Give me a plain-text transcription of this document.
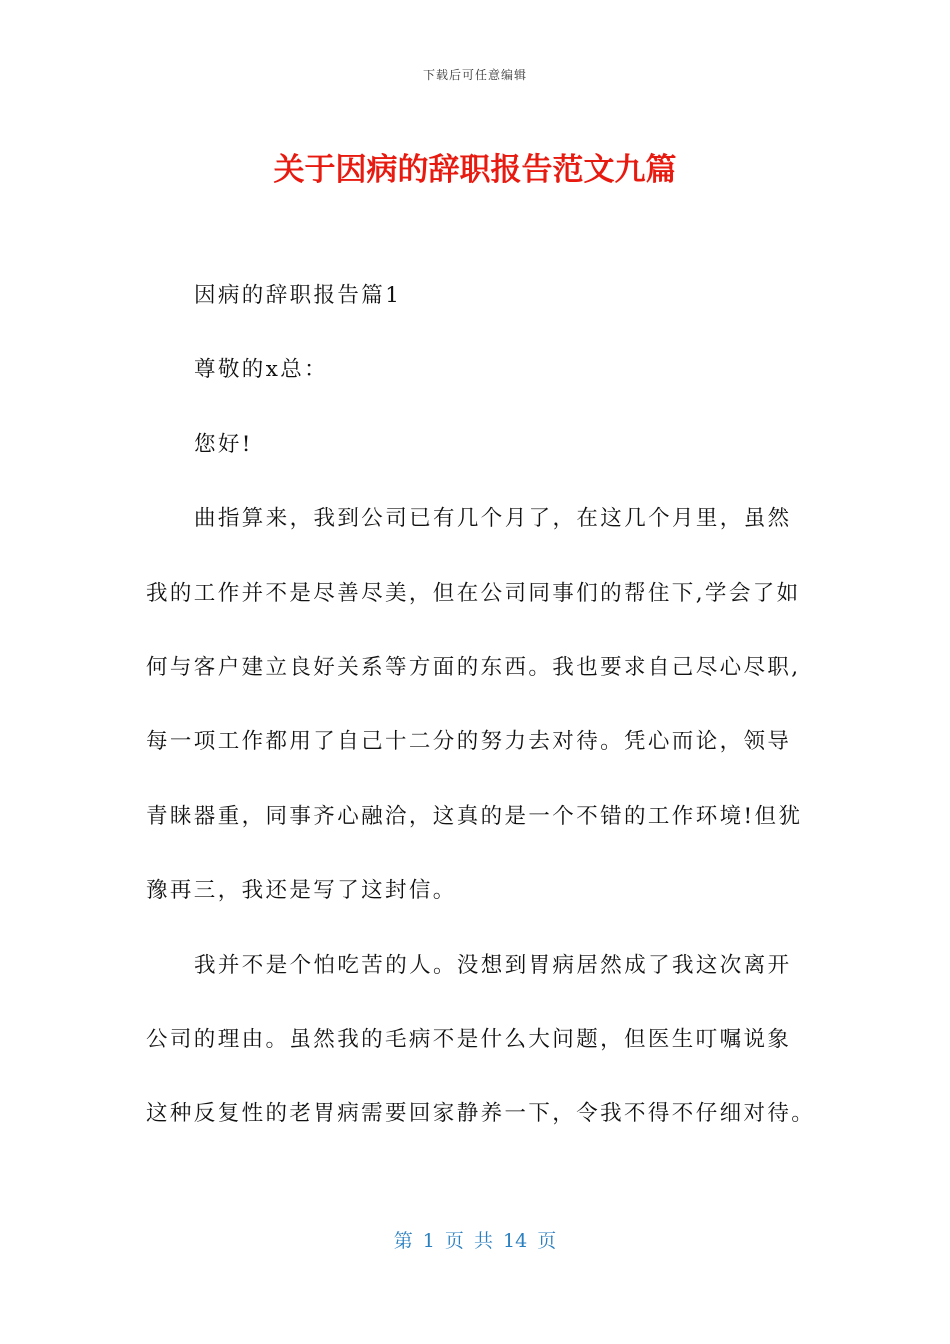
下载后可任意编辑
关于因病的辞职报告范文九篇
因病的辞职报告篇1
尊敬的x总：
您好!
曲指算来，我到公司已有几个月了，在这几个月里，虽然
我的工作并不是尽善尽美，但在公司同事们的帮住下,学会了如
何与客户建立良好关系等方面的东西。我也要求自己尽心尽职,
每一项工作都用了自己十二分的努力去对待。凭心而论，领导
青睐器重，同事齐心融洽，这真的是一个不错的工作环境!但犹
豫再三，我还是写了这封信。
我并不是个怕吃苦的人。没想到胃病居然成了我这次离开
公司的理由。虽然我的毛病不是什么大问题，但医生叮嘱说象
这种反复性的老胃病需要回家静养一下，令我不得不仔细对待。
第 1 页 共 14 页
